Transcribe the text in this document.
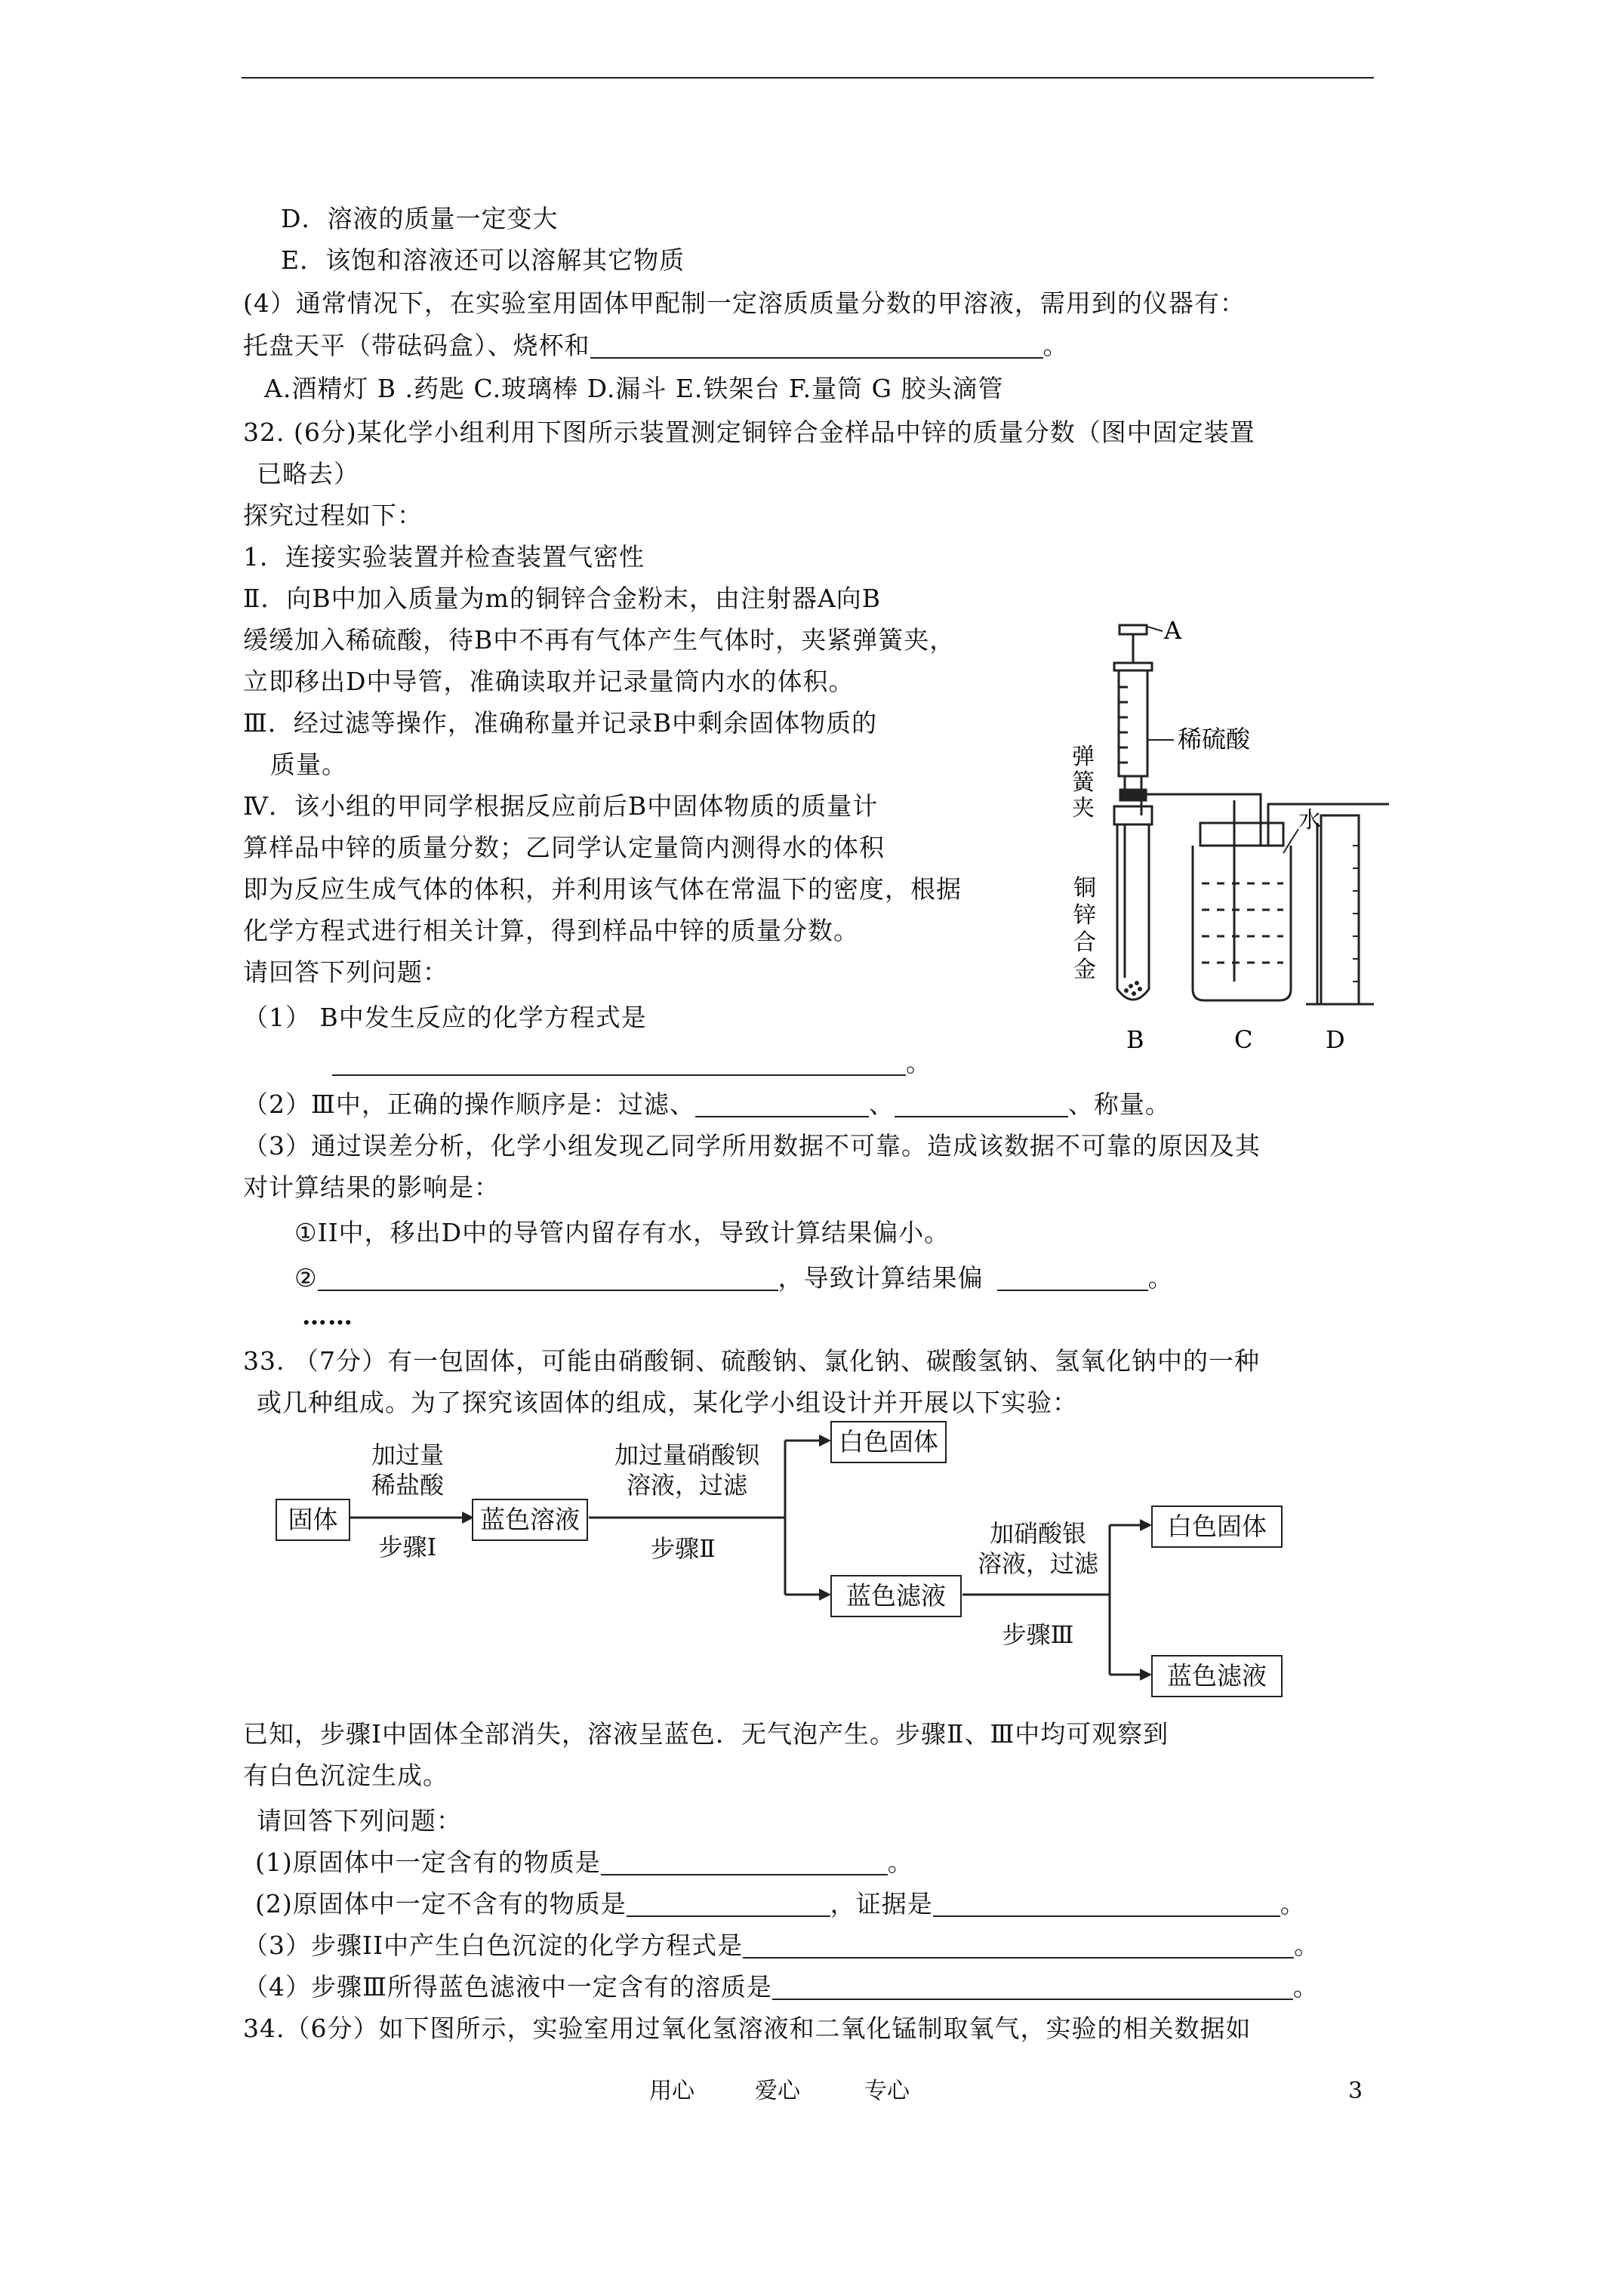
D．溶液的质量一定变大
E．该饱和溶液还可以溶解其它物质
(4）通常情况下，在实验室用固体甲配制一定溶质质量分数的甲溶液，需用到的仪器有：
托盘天平（带砝码盒）、烧杯和	。
A.酒精灯 B .药匙 C.玻璃棒 D.漏斗 E.铁架台 F.量筒 G 胶头滴管
32. (6分)某化学小组利用下图所示装置测定铜锌合金样品中锌的质量分数（图中固定装置
已略去）
探究过程如下：
1．连接实验装置并检查装置气密性
Ⅱ．向B中加入质量为m的铜锌合金粉末，由注射器A向B
缓缓加入稀硫酸，待B中不再有气体产生气体时，夹紧弹簧夹，
立即移出D中导管，准确读取并记录量筒内水的体积。
Ⅲ．经过滤等操作，准确称量并记录B中剩余固体物质的
质量。
Ⅳ．该小组的甲同学根据反应前后B中固体物质的质量计
算样品中锌的质量分数；乙同学认定量筒内测得水的体积
即为反应生成气体的体积，并利用该气体在常温下的密度，根据
化学方程式进行相关计算，得到样品中锌的质量分数。
请回答下列问题：
（1） B中发生反应的化学方程式是
。
（2）Ⅲ中，正确的操作顺序是：过滤、	、	、称量。
（3）通过误差分析，化学小组发现乙同学所用数据不可靠。造成该数据不可靠的原因及其
对计算结果的影响是：
①II中，移出D中的导管内留存有水，导致计算结果偏小。
②	，导致计算结果偏	。
……
A
稀硫酸
弹
簧
夹
铜
锌
合
金
水
B	C	D
33. （7分）有一包固体，可能由硝酸铜、硫酸钠、氯化钠、碳酸氢钠、氢氧化钠中的一种
或几种组成。为了探究该固体的组成，某化学小组设计并开展以下实验：
固体
加过量
稀盐酸
步骤Ⅰ
蓝色溶液
加过量硝酸钡
溶液，过滤
步骤Ⅱ
白色固体
蓝色滤液
加硝酸银
溶液，过滤
步骤Ⅲ
白色固体
蓝色滤液
已知，步骤Ⅰ中固体全部消失，溶液呈蓝色．无气泡产生。步骤Ⅱ、Ⅲ中均可观察到
有白色沉淀生成。
请回答下列问题：
(1)原固体中一定含有的物质是	。
(2)原固体中一定不含有的物质是	，证据是	。
（3）步骤II中产生白色沉淀的化学方程式是	。
（4）步骤Ⅲ所得蓝色滤液中一定含有的溶质是	。
34.（6分）如下图所示，实验室用过氧化氢溶液和二氧化锰制取氧气，实验的相关数据如
用心	爱心	专心	3
